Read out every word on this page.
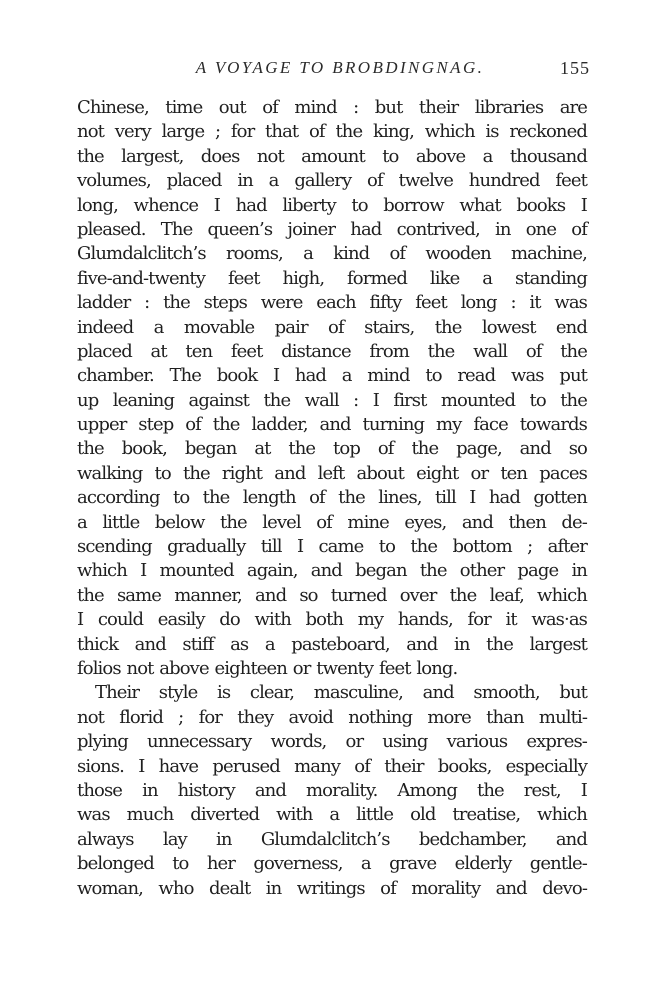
A VOYAGE TO BROBDINGNAG.	155
Chinese, time out of mind : but their libraries are
not very large ; for that of the king, which is reckoned
the largest, does not amount to above a thousand
volumes, placed in a gallery of twelve hundred feet
long, whence I had liberty to borrow what books I
pleased. The queen’s joiner had contrived, in one of
Glumdalclitch’s rooms, a kind of wooden machine,
five-and-twenty feet high, formed like a standing
ladder : the steps were each fifty feet long : it was
indeed a movable pair of stairs, the lowest end
placed at ten feet distance from the wall of the
chamber. The book I had a mind to read was put
up leaning against the wall : I first mounted to the
upper step of the ladder, and turning my face towards
the book, began at the top of the page, and so
walking to the right and left about eight or ten paces
according to the length of the lines, till I had gotten
a little below the level of mine eyes, and then de-
scending gradually till I came to the bottom ; after
which I mounted again, and began the other page in
the same manner, and so turned over the leaf, which
I could easily do with both my hands, for it was·as
thick and stiff as a pasteboard, and in the largest
folios not above eighteen or twenty feet long.
Their style is clear, masculine, and smooth, but
not florid ; for they avoid nothing more than multi-
plying unnecessary words, or using various expres-
sions. I have perused many of their books, especially
those in history and morality. Among the rest, I
was much diverted with a little old treatise, which
always lay in Glumdalclitch’s bedchamber, and
belonged to her governess, a grave elderly gentle-
woman, who dealt in writings of morality and devo-
